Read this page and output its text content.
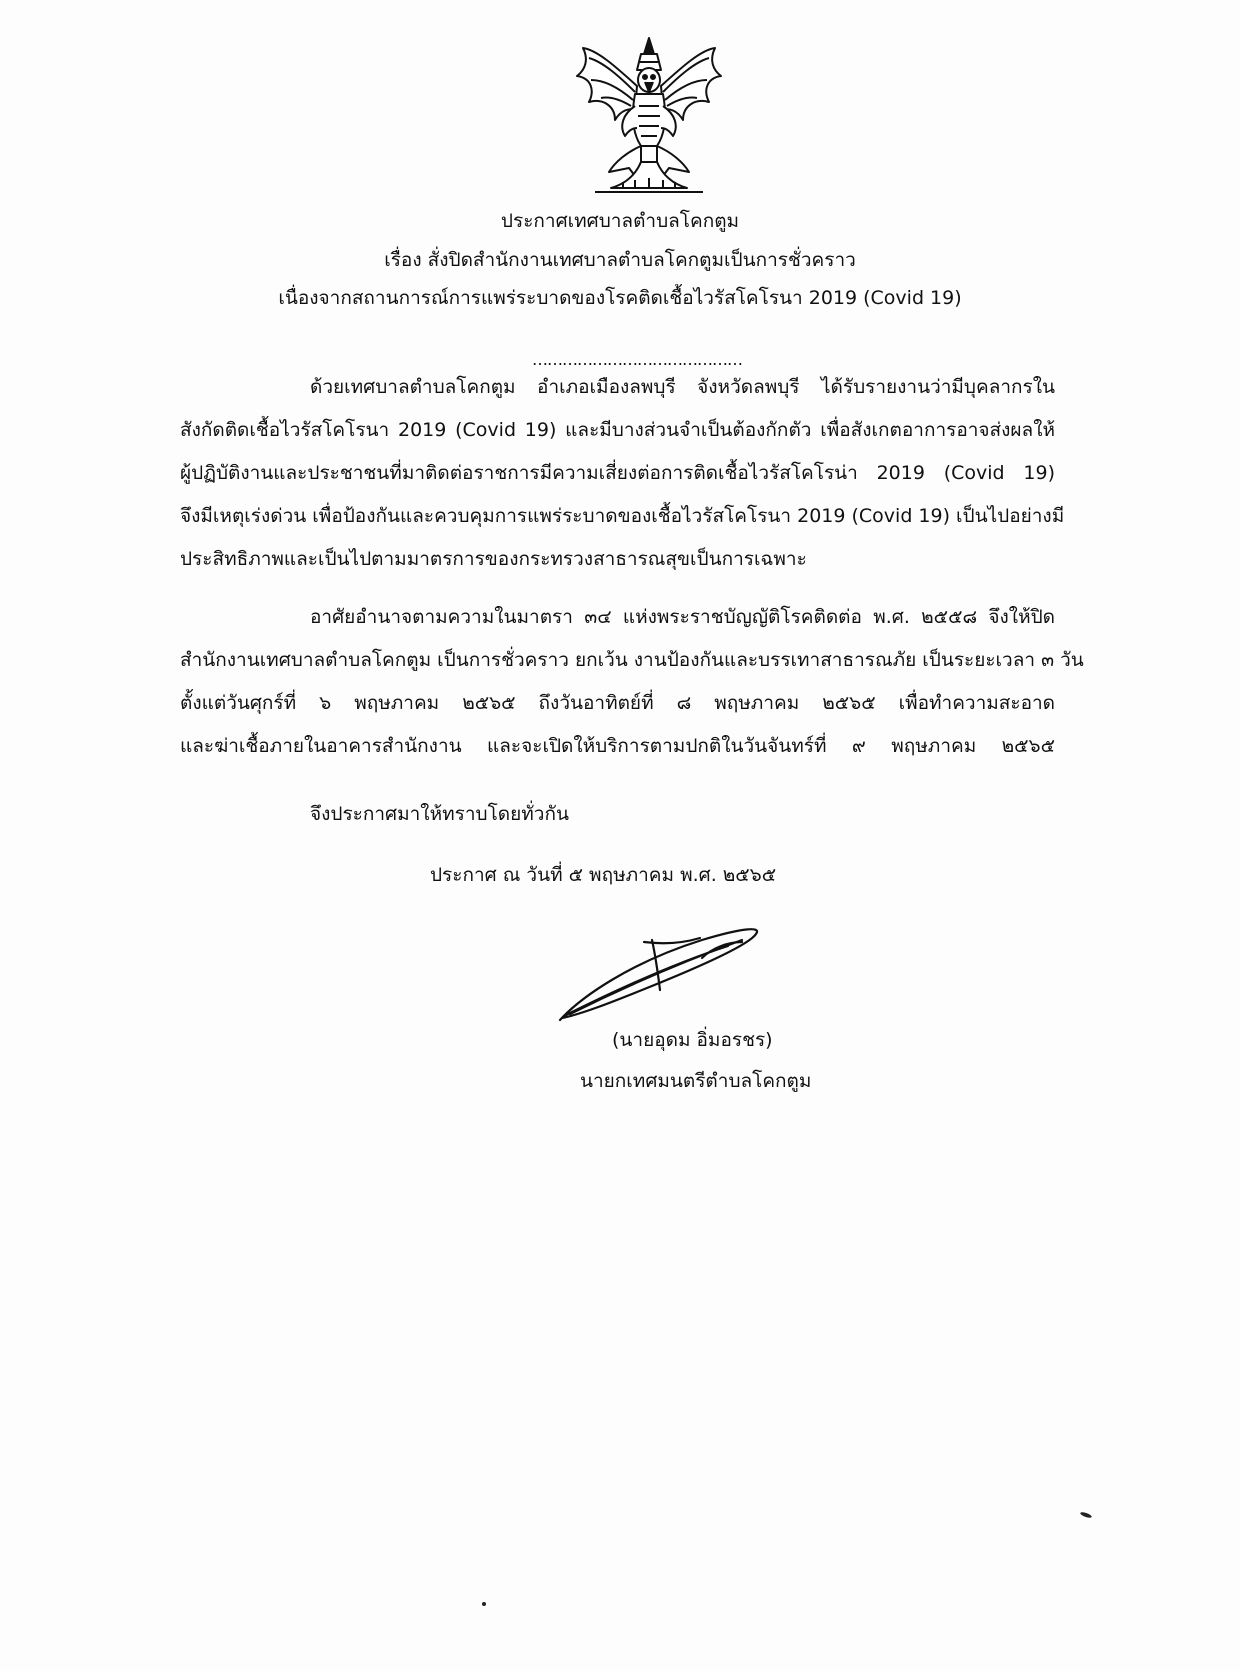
ประกาศเทศบาลตำบลโคกตูม
เรื่อง สั่งปิดสำนักงานเทศบาลตำบลโคกตูมเป็นการชั่วคราว
เนื่องจากสถานการณ์การแพร่ระบาดของโรคติดเชื้อไวรัสโคโรนา 2019 (Covid 19)
……………………………………
ด้วยเทศบาลตำบลโคกตูม อำเภอเมืองลพบุรี จังหวัดลพบุรี ได้รับรายงานว่ามีบุคลากรใน
สังกัดติดเชื้อไวรัสโคโรนา 2019 (Covid 19) และมีบางส่วนจำเป็นต้องกักตัว เพื่อสังเกตอาการอาจส่งผลให้
ผู้ปฏิบัติงานและประชาชนที่มาติดต่อราชการมีความเสี่ยงต่อการติดเชื้อไวรัสโคโรน่า 2019 (Covid 19)
จึงมีเหตุเร่งด่วน เพื่อป้องกันและควบคุมการแพร่ระบาดของเชื้อไวรัสโคโรนา 2019 (Covid 19) เป็นไปอย่างมี
ประสิทธิภาพและเป็นไปตามมาตรการของกระทรวงสาธารณสุขเป็นการเฉพาะ
อาศัยอำนาจตามความในมาตรา ๓๔ แห่งพระราชบัญญัติโรคติดต่อ พ.ศ. ๒๕๕๘ จึงให้ปิด
สำนักงานเทศบาลตำบลโคกตูม เป็นการชั่วคราว ยกเว้น งานป้องกันและบรรเทาสาธารณภัย เป็นระยะเวลา ๓ วัน
ตั้งแต่วันศุกร์ที่ ๖ พฤษภาคม ๒๕๖๕ ถึงวันอาทิตย์ที่ ๘ พฤษภาคม ๒๕๖๕ เพื่อทำความสะอาด
และฆ่าเชื้อภายในอาคารสำนักงาน และจะเปิดให้บริการตามปกติในวันจันทร์ที่ ๙ พฤษภาคม ๒๕๖๕
จึงประกาศมาให้ทราบโดยทั่วกัน
ประกาศ ณ วันที่ ๕ พฤษภาคม พ.ศ. ๒๕๖๕
(นายอุดม อิ่มอรชร)
นายกเทศมนตรีตำบลโคกตูม
